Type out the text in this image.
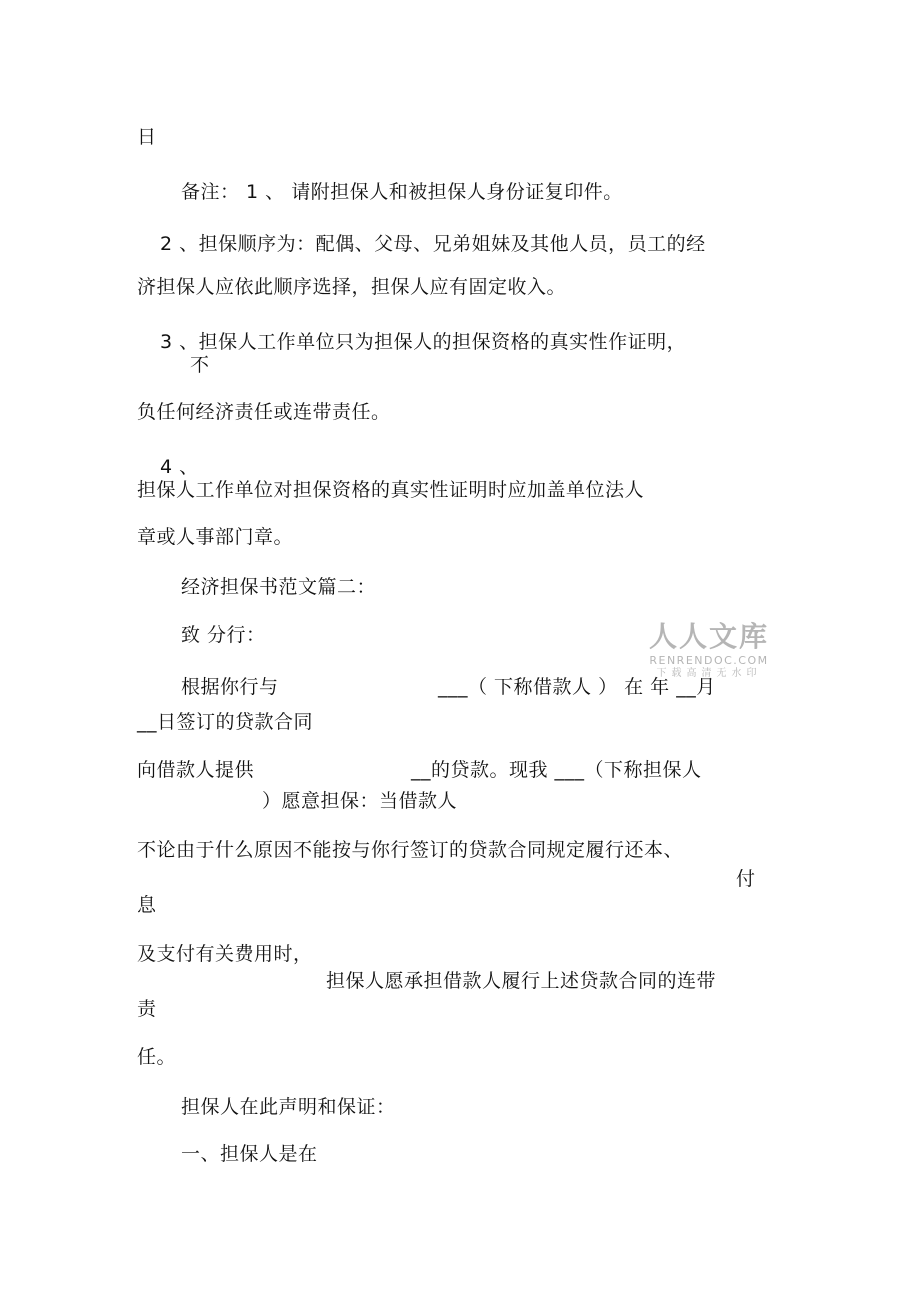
日
备注： 1 、 请附担保人和被担保人身份证复印件。
2 、担保顺序为：配偶、父母、兄弟姐妹及其他人员，员工的经
济担保人应依此顺序选择，担保人应有固定收入。
3 、担保人工作单位只为担保人的担保资格的真实性作证明，
不
负任何经济责任或连带责任。
4 、
担保人工作单位对担保资格的真实性证明时应加盖单位法人
章或人事部门章。
经济担保书范文篇二：
致 分行：
根据你行与	___（ 下称借款人 ） 在 年 __月
__日签订的贷款合同
向借款人提供	__的贷款。现我 ___（下称担保人
）愿意担保：当借款人
不论由于什么原因不能按与你行签订的贷款合同规定履行还本、
付
息
及支付有关费用时，
担保人愿承担借款人履行上述贷款合同的连带
责
任。
担保人在此声明和保证：
一、担保人是在
人人文库
RENRENDOC.COM
下载高清无水印
